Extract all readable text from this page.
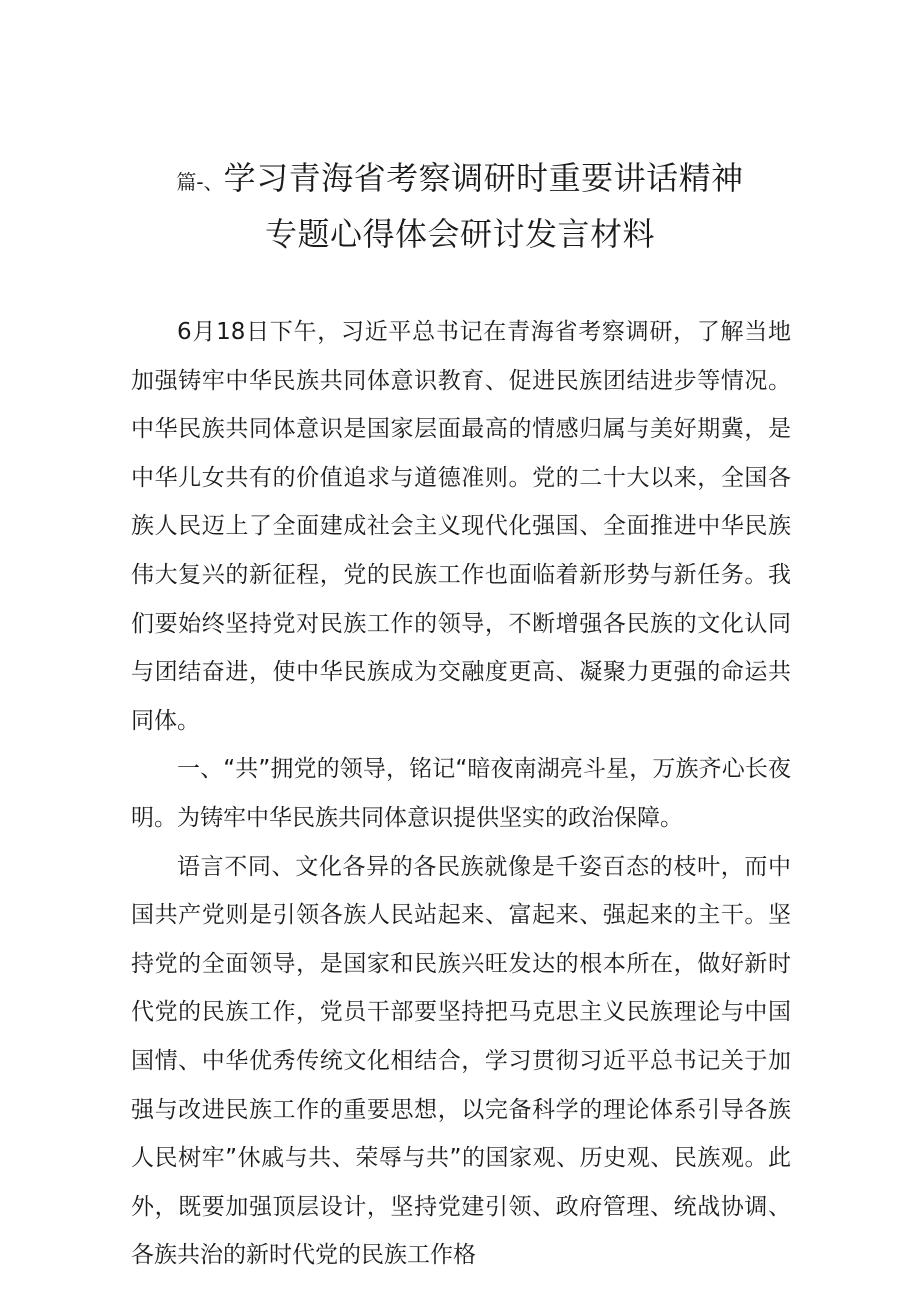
篇-、学习青海省考察调研时重要讲话精神
专题心得体会研讨发言材料

6月18日下午，习近平总书记在青海省考察调研，了解当地加强铸牢中华民族共同体意识教育、促进民族团结进步等情况。中华民族共同体意识是国家层面最高的情感归属与美好期冀，是中华儿女共有的价值追求与道德准则。党的二十大以来，全国各族人民迈上了全面建成社会主义现代化强国、全面推进中华民族伟大复兴的新征程，党的民族工作也面临着新形势与新任务。我们要始终坚持党对民族工作的领导，不断增强各民族的文化认同与团结奋进，使中华民族成为交融度更高、凝聚力更强的命运共同体。

一、“共”拥党的领导，铭记“暗夜南湖亮斗星，万族齐心长夜明。为铸牢中华民族共同体意识提供坚实的政治保障。

语言不同、文化各异的各民族就像是千姿百态的枝叶，而中国共产党则是引领各族人民站起来、富起来、强起来的主干。坚持党的全面领导，是国家和民族兴旺发达的根本所在，做好新时代党的民族工作，党员干部要坚持把马克思主义民族理论与中国国情、中华优秀传统文化相结合，学习贯彻习近平总书记关于加强与改进民族工作的重要思想，以完备科学的理论体系引导各族人民树牢”休戚与共、荣辱与共”的国家观、历史观、民族观。此外，既要加强顶层设计，坚持党建引领、政府管理、统战协调、各族共治的新时代党的民族工作格
